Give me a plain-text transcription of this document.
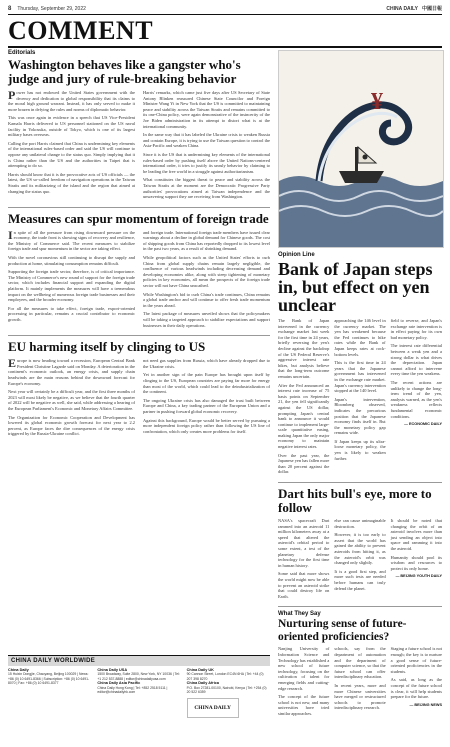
8 Thursday, September 29, 2022	CHINA DAILY 中國日報
COMMENT
Editorials
Washington behaves like a gangster who's judge and jury of rule-breaking behavior

Power has not endowed the United States government with the decency and dedication to global responsibility that its claims to the moral high ground warrant. Instead, it has only served to make it more brazen in defying the rules and norms of diplomatic behavior.

This was once again in evidence in a speech that US Vice-President Kamala Harris delivered to US personnel stationed on the US naval facility in Yokosuka, outside of Tokyo, which is one of its largest military bases overseas.

Calling the port Harris claimed that China is undermining key elements of the international rules-based order and said the US will continue to oppose any unilateral change to the status quo. Simply implying that it is China rather than the US and the authorities in Taipei that is attempting to do so.

Harris should know that it is the provocative acts of US officials — the latest, the US so-called freedom of navigation operations in the Taiwan Straits and its militarizing of the island and the region that aimed at changing the status quo.

Harris' remarks, which came just five days after US Secretary of State Antony Blinken reassured Chinese State Councilor and Foreign Minister Wang Yi in New York that the US is committed to maintaining peace and stability across the Taiwan Straits and remains committed to its one-China policy, were again demonstrative of the insincerity of the Joe Biden administration in its attempt to distort what is at the international community.

In the same way that it has labeled the Ukraine crisis to weaken Russia and contain Europe, it is trying to use the Taiwan question to control the Asia-Pacific and weaken China.

Since it is the US that is undermining key elements of the international rules-based order by pushing itself above the United Nations-centered international order, it tries to justify its unruly behavior by claiming to be leading the free world in a struggle against authoritarianism.

What constitutes the biggest threat to peace and stability across the Taiwan Straits at the moment are the Democratic Progressive Party authorities' provocations aimed at Taiwan independence and the unwavering support they are receiving from Washington.

Measures can spur momentum of foreign trade

In spite of all the pressure from rising downward pressure on the economy, the trade front is showing signs of recovery and resilience, the Ministry of Commerce said. The recent measures to stabilize foreign trade and spur momentum in the sector are taking effect.

With the novel coronavirus still continuing to disrupt the supply and production at home, stimulating consumption remains difficult.

Supporting the foreign trade sector, therefore, is of critical importance. The Ministry of Commerce's new round of support for the foreign trade sector, which includes financial support and expanding the digital platform. It mainly implements the measures will have a tremendous impact on the wellbeing of numerous foreign trade businesses and their employees, and the broader economy.

For all the measures to take effect, foreign trade, export-oriented processing in particular, remains a crucial contributor to economic growth.

and foreign trade. International foreign trade members have issued clear warnings about a decline in global demand for Chinese goods. The cost of shipping goods from China has reportedly dropped to its lowest level in the past two years, as a result of shrinking demand.

While geopolitical factors such as the United States' efforts to curb China from global supply chains remain largely negligible, the confluence of various headwinds including decreasing demand and developing economies alike, along with steep tightening of monetary policies in key economies, all mean the prospects of the foreign trade sector will not have China unscathed.

While Washington's bid to curb China's trade continues, China remains a global trade anchor and will continue to offer fresh trade momentum in the years ahead.

The latest package of measures unveiled shows that the policymakers will be taking a targeted approach to stabilize expectations and support businesses in their daily operations.

EU harming itself by clinging to US

Europe is now heading toward a recession, European Central Bank President Christine Lagarde said on Monday. A deterioration in the continent's economic outlook, an energy crisis, and supply chain headwinds are the main reasons behind the downward forecast for Europe's economy.

Next year will certainly be a difficult year, and the first three months of 2023 will most likely be negative, as we believe that the fourth quarter of 2022 will be negative as well, she said, while addressing a hearing of the European Parliament's Economic and Monetary Affairs Committee.

The Organization for Economic Cooperation and Development has lowered its global economic growth forecast for next year to 2.2 percent, as Europe faces the dire consequences of the energy crisis triggered by the Russia-Ukraine conflict.

not need gas supplies from Russia, which have already dropped due to the Ukraine crisis.

Yet in another sign of the pain Europe has brought upon itself by clinging to the US, European countries are paying far more for energy than most of the world, which could lead to the deindustrialization of the continent.

The ongoing Ukraine crisis has also damaged the trust built between Europe and China, a key trading partner of the European Union and a partner in pushing forward global economic recovery.

Against this background, Europe would be better served by pursuing a more independent foreign policy rather than following the US line of confrontation, which only creates more problems for itself.

CHINA DAILY WORLDWIDE
China Daily
15 Huixin Dongjie, Chaoyang, Beijing 100029 | News: +86 (0) 10 6491-8366 | Subscription: +86 (0) 10 6491-8070 | Fax: +86 (0) 10 6491-8377
China Daily USA
1500 Broadway, Suite 2800, New York, NY 10036 | Tel: +1 212 537-8888 | editor@chinadailyusa.com
China Daily Asia Pacific
China Daily Hong Kong | Tel: +852 2518 5111 | editor@chinadailyhk.com
China Daily UK
90 Cannon Street, London EC4N 6HA | Tel: +44 (0) 207 398 8270
China Daily Africa
P.O. Box 27281-00100, Nairobi, Kenya | Tel: +254 (0) 20 522 6359
CHINA DAILY
¥
Opinion Line
Bank of Japan steps in, but effect on yen unclear

The Bank of Japan intervened in the currency exchange market last week for the first time in 24 years, briefly reversing the yen's decline against the backdrop of the US Federal Reserve's aggressive interest rate hikes, but analysts believe that the long-term outcome remains uncertain.

After the Fed announced an interest rate increase of 75 basis points on September 21, the yen fell significantly against the US dollar, prompting Japan's central bank to announce it would continue to implement large-scale quantitative easing, making Japan the only major economy to maintain negative interest rates.

Over the past year, the Japanese yen has fallen more than 20 percent against the dollar.

approaching the 146 level in the currency market. The yen has weakened because the Fed continues to hike rates while the Bank of Japan keeps rates at rock-bottom levels.

This is the first time in 24 years that the Japanese government has intervened in the exchange rate market. Japan's currency intervention stopped at the 140 level.

Japan's intervention, Bloomberg observed, indicates the precarious position that the Japanese economy finds itself in. But the monetary policy gap remains wide.

If Japan keeps up its ultra-loose monetary policy, the yen is likely to weaken further.

field to reverse, and Japan's exchange rate intervention is in effect paying for its own bad monetary policy.

The interest rate differential between a weak yen and a strong dollar is what drives the depreciation. Japan cannot afford to intervene every time the yen weakens.

The recent actions are unlikely to change the long-term trend of the yen, analysts warned, as the yen's weakness reflects fundamental economic conditions.

— ECONOMIC DAILY
Dart hits bull's eye, more to follow

NASA's spacecraft Dart rammed into an asteroid 11 million kilometers away at a speed that altered the asteroid's orbital period to some extent, a test of the planetary defense technology for the first time in human history.

Some said that more shows the world might now be able to prevent an asteroid strike that could destroy life on Earth.

else can cause unimaginable destruction.

However, it is too early to assert that the world has gained the ability to prevent asteroids from hitting it, as the asteroid's orbit was changed only slightly.

It is a good first step, and more such tests are needed before humans can truly defend the planet.

It should be noted that changing the orbit of an asteroid involves more than just sending an object into space and ramming it into the asteroid.

Humanity should pool its wisdom and resources to protect its only home.

— BEIJING YOUTH DAILY
What They Say
Nurturing sense of future-oriented proficiencies?

Nanjing University of Information Science and Technology has established a new school of future technology, focusing on the cultivation of talent for emerging fields and cutting-edge research.

The concept of the future school is not new, and many universities have tried similar approaches.

schools, say from the department of automation and the department of computer science, so that the future school can offer interdisciplinary education.

In recent years, more and more Chinese universities have merged or restructured schools to promote interdisciplinary research.

Staging a future school is not enough; the key is to nurture a good sense of future-oriented proficiencies in the students.

As said, as long as the concept of the future school is clear, it will help students prepare for the future.

— BEIJING NEWS
